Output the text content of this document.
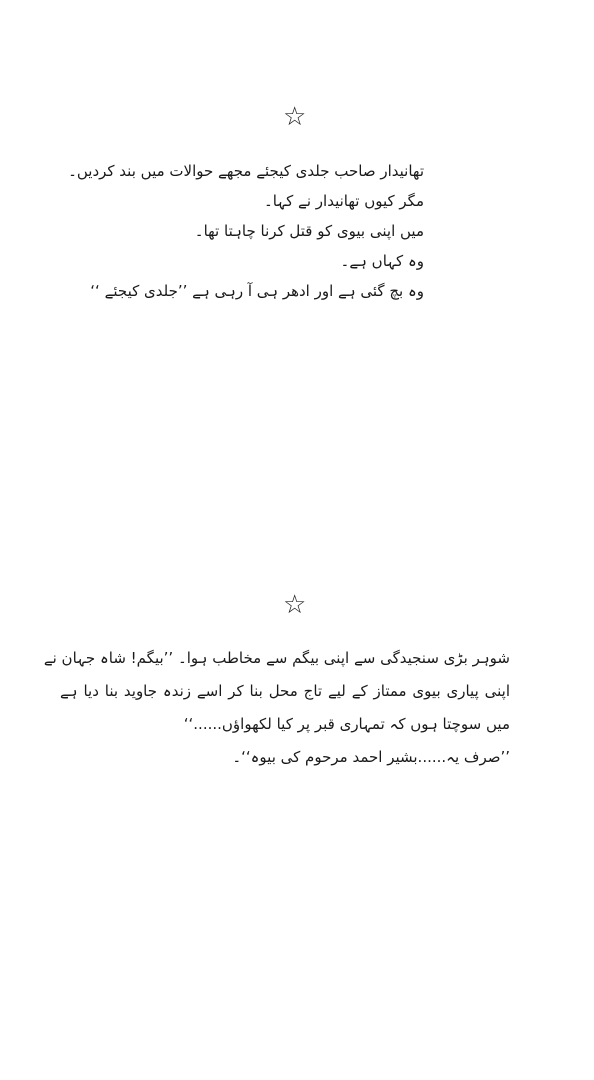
☆
تھانیدار صاحب جلدی کیجئے مجھے حوالات میں بند کردیں۔
مگر کیوں تھانیدار نے کہا۔
میں اپنی بیوی کو قتل کرنا چاہتا تھا۔
وہ کہاں ہے۔
وہ بچ گئی ہے اور ادھر ہی آ رہی ہے ’’جلدی کیجئے ‘‘
☆
شوہر بڑی سنجیدگی سے اپنی بیگم سے مخاطب ہوا۔ ’’بیگم! شاہ جہان نے
اپنی پیاری بیوی ممتاز کے لیے تاج محل بنا کر اسے زندہ جاوید بنا دیا ہے
میں سوچتا ہوں کہ تمہاری قبر پر کیا لکھواؤں......‘‘
’’صرف یہ......بشیر احمد مرحوم کی بیوہ‘‘۔
